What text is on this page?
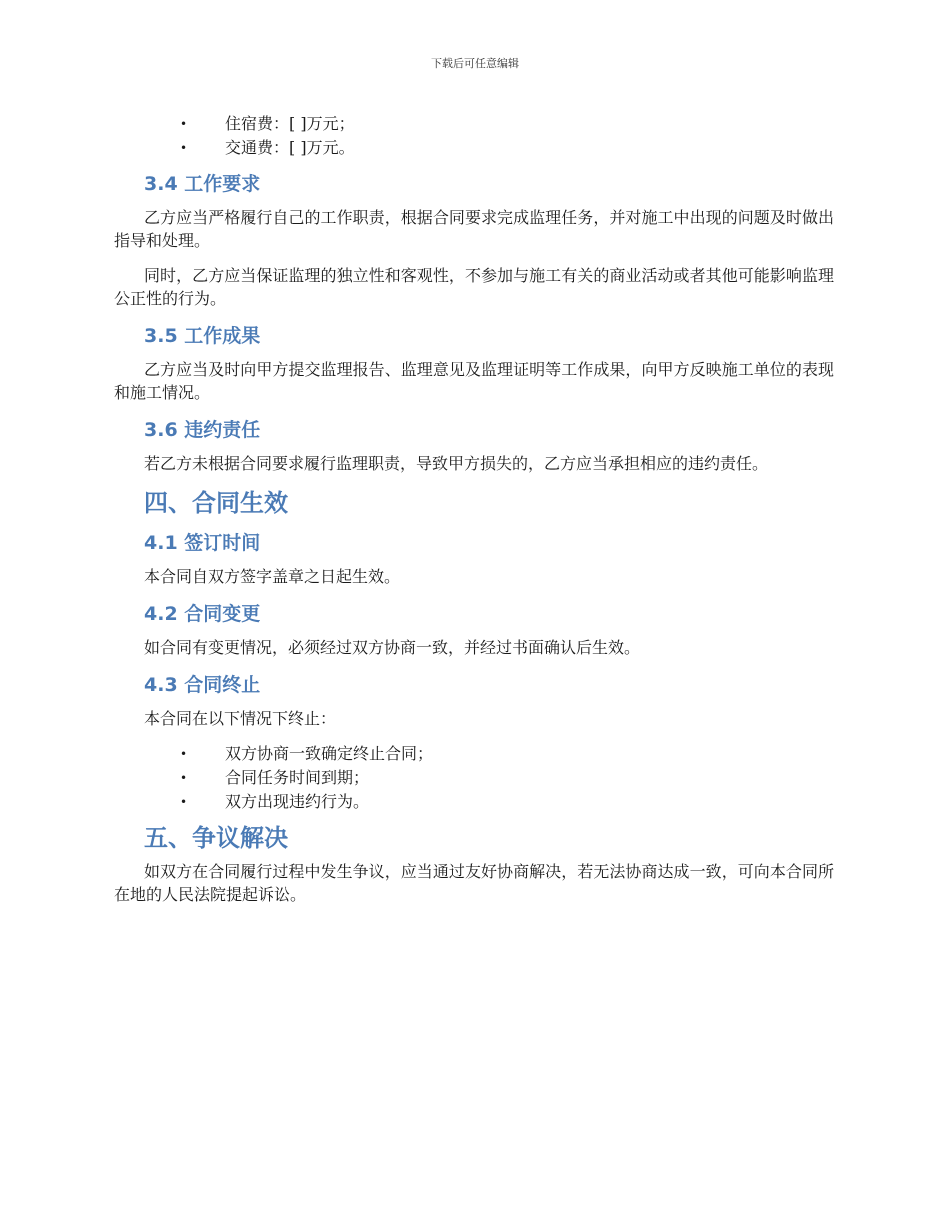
下载后可任意编辑
• 住宿费：[ ]万元；
• 交通费：[ ]万元。
3.4 工作要求

乙方应当严格履行自己的工作职责，根据合同要求完成监理任务，并对施工中出现的问题及时做出指导和处理。

同时，乙方应当保证监理的独立性和客观性，不参加与施工有关的商业活动或者其他可能影响监理公正性的行为。

3.5 工作成果

乙方应当及时向甲方提交监理报告、监理意见及监理证明等工作成果，向甲方反映施工单位的表现和施工情况。

3.6 违约责任

若乙方未根据合同要求履行监理职责，导致甲方损失的，乙方应当承担相应的违约责任。

四、合同生效
4.1 签订时间

本合同自双方签字盖章之日起生效。

4.2 合同变更

如合同有变更情况，必须经过双方协商一致，并经过书面确认后生效。

4.3 合同终止

本合同在以下情况下终止：

• 双方协商一致确定终止合同；
• 合同任务时间到期；
• 双方出现违约行为。
五、争议解决

如双方在合同履行过程中发生争议，应当通过友好协商解决，若无法协商达成一致，可向本合同所在地的人民法院提起诉讼。
